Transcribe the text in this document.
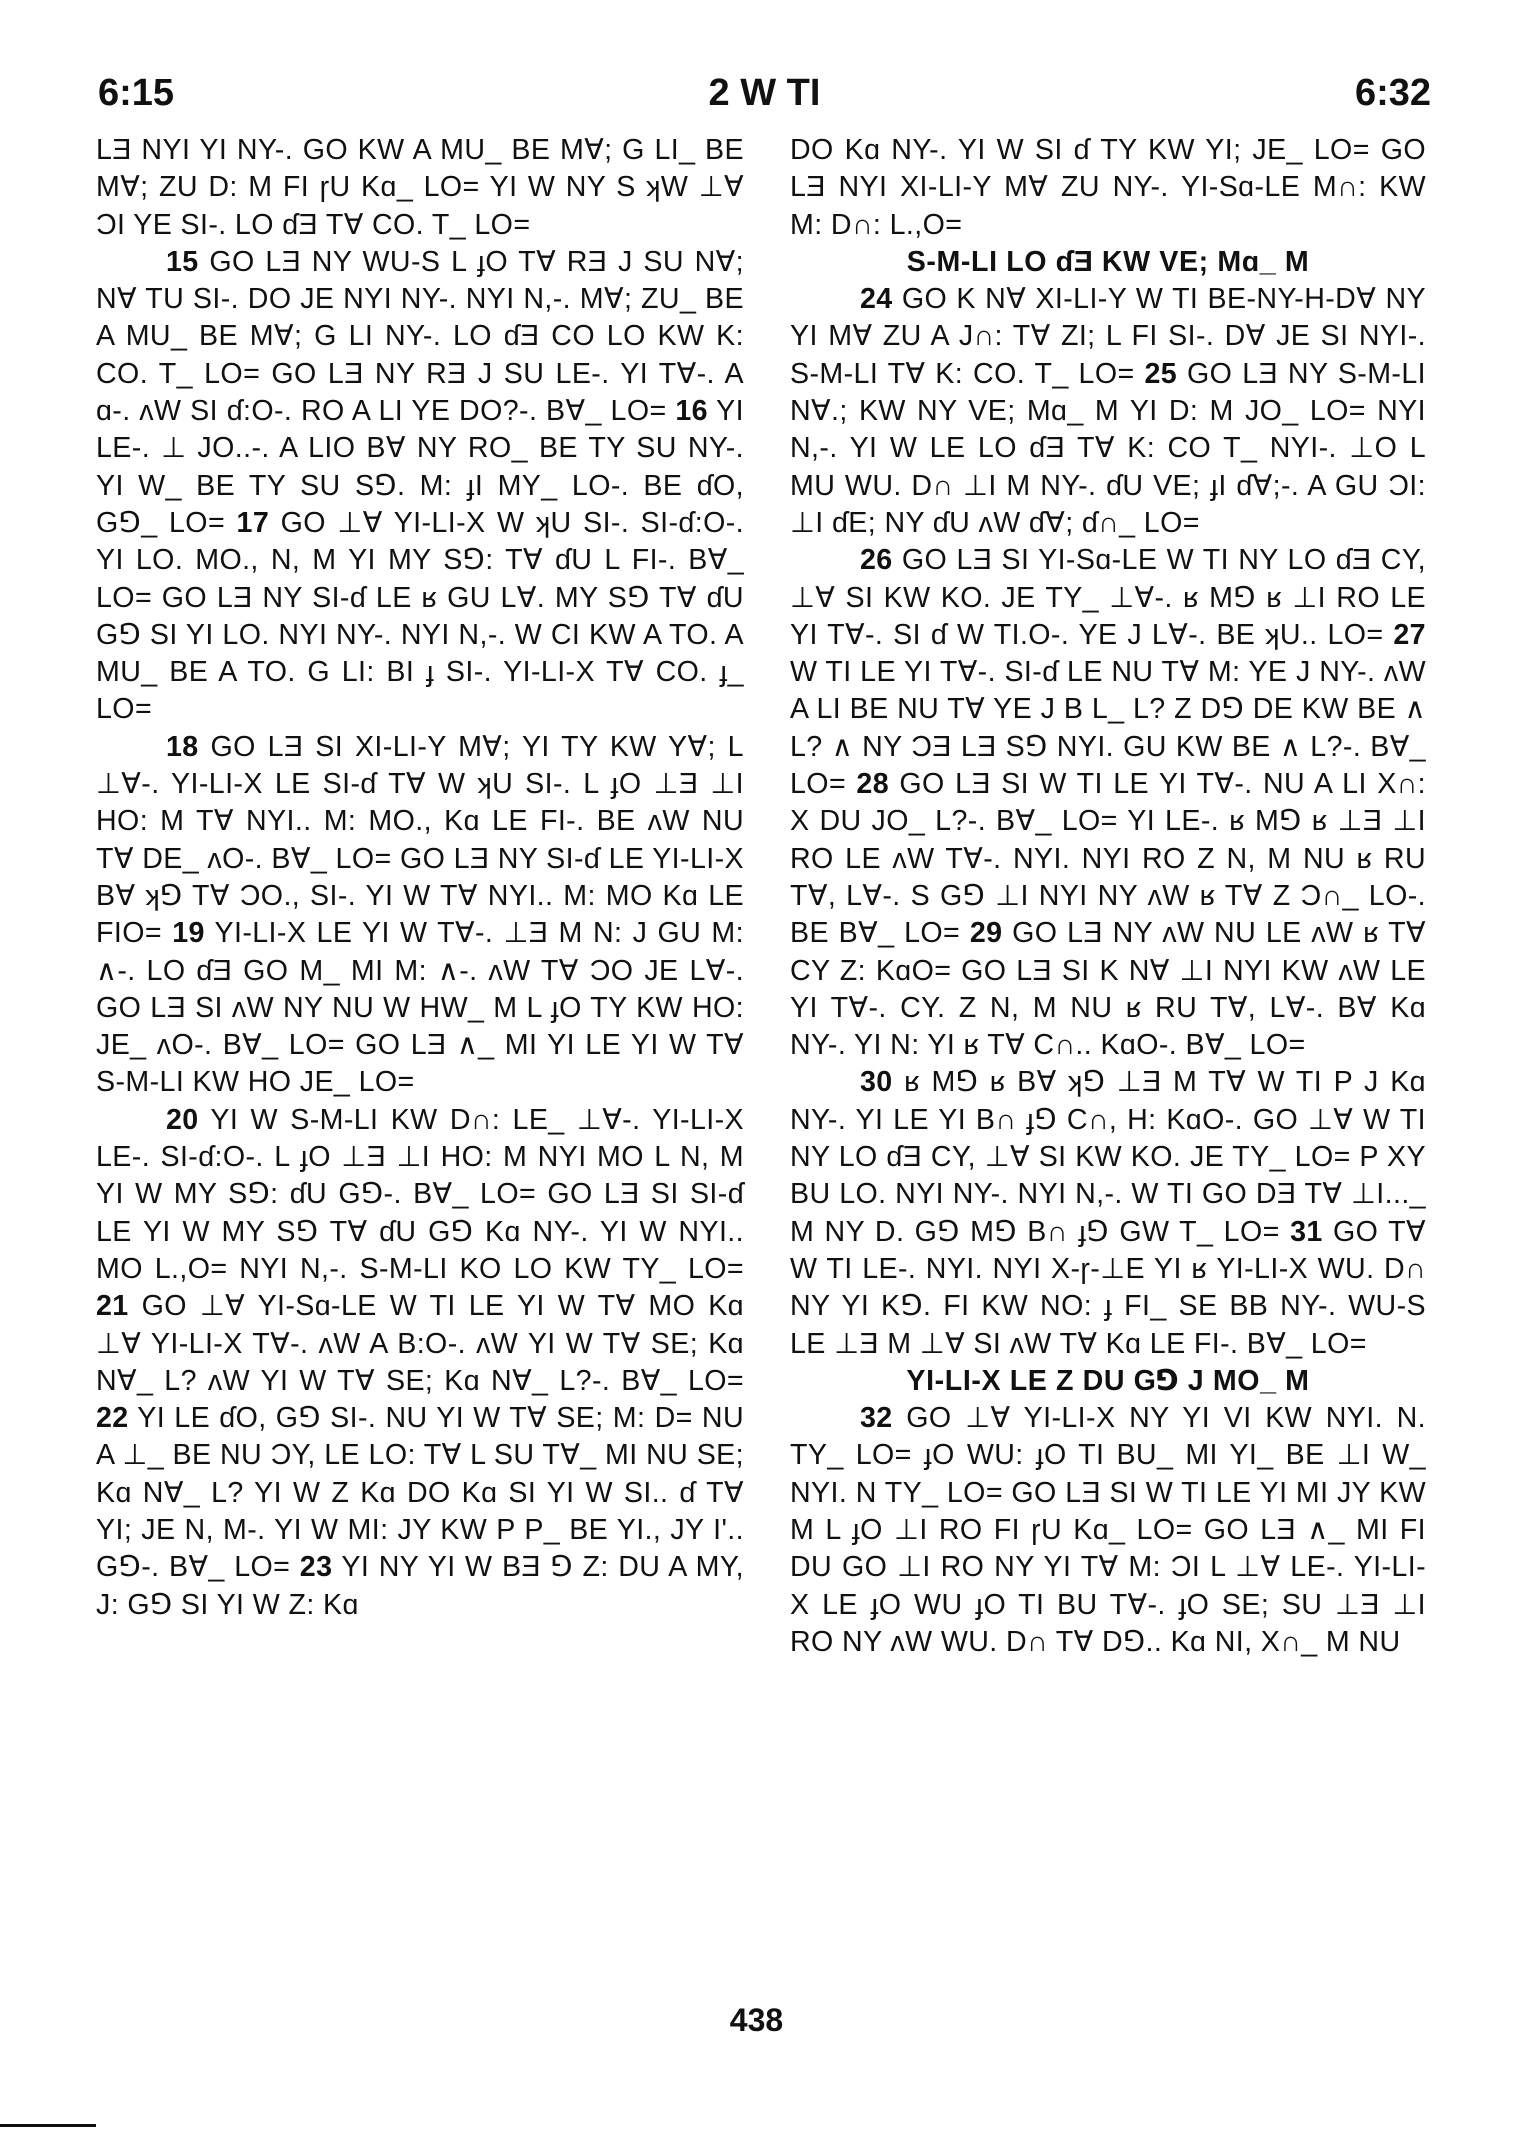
6:15	2 W TI	6:32

LƎ NYI YI NY-. GO KW A MU_ BE M∀; G LI_ BE M∀; ZU D: M FI ɼU Kɑ_ LO= YI W NY S ʞW ⊥∀ ƆI YE SI-. LO ɗƎ T∀ CO. T_ LO=

15 GO LƎ NY WU-S L ɟO T∀ RƎ J SU N∀; N∀ TU SI-. DO JE NYI NY-. NYI N,-. M∀; ZU_ BE A MU_ BE M∀; G LI NY-. LO ɗƎ CO LO KW K: CO. T_ LO= GO LƎ NY RƎ J SU LE-. YI T∀-. A ɑ-. ʌW SI ɗ:O-. RO A LI YE DO?-. B∀_ LO= 16 YI LE-. ⊥ JO..-. A LIO B∀ NY RO_ BE TY SU NY-. YI W_ BE TY SU S⅁. M: ɟI MY_ LO-. BE ɗO, G⅁_ LO= 17 GO ⊥∀ YI-LI-X W ʞU SI-. SI-ɗ:O-. YI LO. MO., N, M YI MY S⅁: T∀ ɗU L FI-. B∀_ LO= GO LƎ NY SI-ɗ LE ʁ GU L∀. MY S⅁ T∀ ɗU G⅁ SI YI LO. NYI NY-. NYI N,-. W CI KW A TO. A MU_ BE A TO. G LI: BI ɟ SI-. YI-LI-X T∀ CO. ɟ_ LO=

18 GO LƎ SI XI-LI-Y M∀; YI TY KW Y∀; L ⊥∀-. YI-LI-X LE SI-ɗ T∀ W ʞU SI-. L ɟO ⊥Ǝ ⊥I HO: M T∀ NYI.. M: MO., Kɑ LE FI-. BE ʌW NU T∀ DE_ ʌO-. B∀_ LO= GO LƎ NY SI-ɗ LE YI-LI-X B∀ ʞ⅁ T∀ ƆO., SI-. YI W T∀ NYI.. M: MO Kɑ LE FIO= 19 YI-LI-X LE YI W T∀-. ⊥Ǝ M N: J GU M: ∧-. LO ɗƎ GO M_ MI M: ∧-. ʌW T∀ ƆO JE L∀-. GO LƎ SI ʌW NY NU W HW_ M L ɟO TY KW HO: JE_ ʌO-. B∀_ LO= GO LƎ ∧_ MI YI LE YI W T∀ S-M-LI KW HO JE_ LO=

20 YI W S-M-LI KW D∩: LE_ ⊥∀-. YI-LI-X LE-. SI-ɗ:O-. L ɟO ⊥Ǝ ⊥I HO: M NYI MO L N, M YI W MY S⅁: ɗU G⅁-. B∀_ LO= GO LƎ SI SI-ɗ LE YI W MY S⅁ T∀ ɗU G⅁ Kɑ NY-. YI W NYI.. MO L.,O= NYI N,-. S-M-LI KO LO KW TY_ LO= 21 GO ⊥∀ YI-Sɑ-LE W TI LE YI W T∀ MO Kɑ ⊥∀ YI-LI-X T∀-. ʌW A B:O-. ʌW YI W T∀ SE; Kɑ N∀_ L? ʌW YI W T∀ SE; Kɑ N∀_ L?-. B∀_ LO= 22 YI LE ɗO, G⅁ SI-. NU YI W T∀ SE; M: D= NU A ⊥_ BE NU ƆY, LE LO: T∀ L SU T∀_ MI NU SE; Kɑ N∀_ L? YI W Z Kɑ DO Kɑ SI YI W SI.. ɗ T∀ YI; JE N, M-. YI W MI: JY KW P P_ BE YI., JY I'.. G⅁-. B∀_ LO= 23 YI NY YI W BƎ ⅁ Z: DU A MY, J: G⅁ SI YI W Z: Kɑ

DO Kɑ NY-. YI W SI ɗ TY KW YI; JE_ LO= GO LƎ NYI XI-LI-Y M∀ ZU NY-. YI-Sɑ-LE M∩: KW M: D∩: L.,O=

S-M-LI LO ɗƎ KW VE; Mɑ_ M

24 GO K N∀ XI-LI-Y W TI BE-NY-H-D∀ NY YI M∀ ZU A J∩: T∀ ZI; L FI SI-. D∀ JE SI NYI-. S-M-LI T∀ K: CO. T_ LO= 25 GO LƎ NY S-M-LI N∀.; KW NY VE; Mɑ_ M YI D: M JO_ LO= NYI N,-. YI W LE LO ɗƎ T∀ K: CO T_ NYI-. ⊥O L MU WU. D∩ ⊥I M NY-. ɗU VE; ɟI ɗ∀;-. A GU ƆI: ⊥I ɗE; NY ɗU ʌW ɗ∀; ɗ∩_ LO=

26 GO LƎ SI YI-Sɑ-LE W TI NY LO ɗƎ CY, ⊥∀ SI KW KO. JE TY_ ⊥∀-. ʁ M⅁ ʁ ⊥I RO LE YI T∀-. SI ɗ W TI.O-. YE J L∀-. BE ʞU.. LO= 27 W TI LE YI T∀-. SI-ɗ LE NU T∀ M: YE J NY-. ʌW A LI BE NU T∀ YE J B L_ L? Z D⅁ DE KW BE ∧ L? ∧ NY ƆƎ LƎ S⅁ NYI. GU KW BE ∧ L?-. B∀_ LO= 28 GO LƎ SI W TI LE YI T∀-. NU A LI X∩: X DU JO_ L?-. B∀_ LO= YI LE-. ʁ M⅁ ʁ ⊥Ǝ ⊥I RO LE ʌW T∀-. NYI. NYI RO Z N, M NU ʁ RU T∀, L∀-. S G⅁ ⊥I NYI NY ʌW ʁ T∀ Z Ɔ∩_ LO-. BE B∀_ LO= 29 GO LƎ NY ʌW NU LE ʌW ʁ T∀ CY Z: KɑO= GO LƎ SI K N∀ ⊥I NYI KW ʌW LE YI T∀-. CY. Z N, M NU ʁ RU T∀, L∀-. B∀ Kɑ NY-. YI N: YI ʁ T∀ C∩.. KɑO-. B∀_ LO=

30 ʁ M⅁ ʁ B∀ ʞ⅁ ⊥Ǝ M T∀ W TI P J Kɑ NY-. YI LE YI B∩ ɟ⅁ C∩, H: KɑO-. GO ⊥∀ W TI NY LO ɗƎ CY, ⊥∀ SI KW KO. JE TY_ LO= P XY BU LO. NYI NY-. NYI N,-. W TI GO DƎ T∀ ⊥I..._ M NY D. G⅁ M⅁ B∩ ɟ⅁ GW T_ LO= 31 GO T∀ W TI LE-. NYI. NYI X-ɼ-⊥E YI ʁ YI-LI-X WU. D∩ NY YI K⅁. FI KW NO: ɟ FI_ SE BB NY-. WU-S LE ⊥Ǝ M ⊥∀ SI ʌW T∀ Kɑ LE FI-. B∀_ LO=

YI-LI-X LE Z DU G⅁ J MO_ M

32 GO ⊥∀ YI-LI-X NY YI VI KW NYI. N. TY_ LO= ɟO WU: ɟO TI BU_ MI YI_ BE ⊥I W_ NYI. N TY_ LO= GO LƎ SI W TI LE YI MI JY KW M L ɟO ⊥I RO FI ɼU Kɑ_ LO= GO LƎ ∧_ MI FI DU GO ⊥I RO NY YI T∀ M: ƆI L ⊥∀ LE-. YI-LI-X LE ɟO WU ɟO TI BU T∀-. ɟO SE; SU ⊥Ǝ ⊥I RO NY ʌW WU. D∩ T∀ D⅁.. Kɑ NI, X∩_ M NU

438
